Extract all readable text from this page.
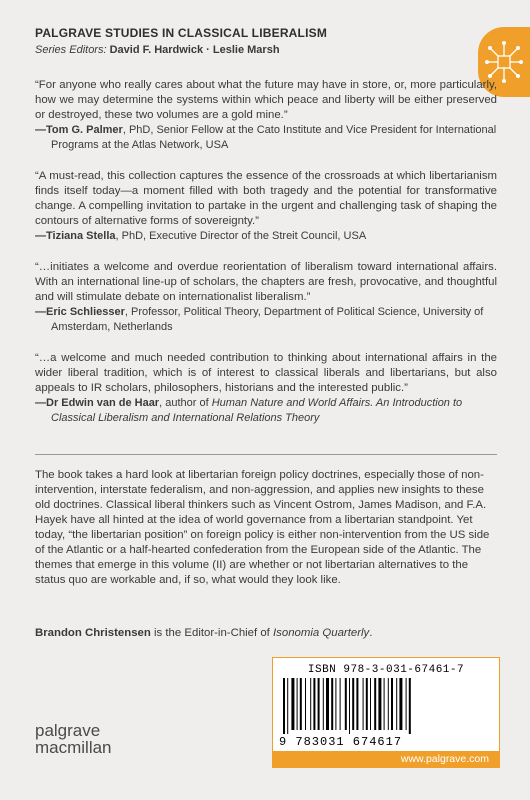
PALGRAVE STUDIES IN CLASSICAL LIBERALISM
Series Editors: David F. Hardwick · Leslie Marsh

“For anyone who really cares about what the future may have in store, or, more particularly, how we may determine the systems within which peace and liberty will be either preserved or destroyed, these two volumes are a gold mine.”

—Tom G. Palmer, PhD, Senior Fellow at the Cato Institute and Vice President for International Programs at the Atlas Network, USA

“A must-read, this collection captures the essence of the crossroads at which libertarianism finds itself today—a moment filled with both tragedy and the potential for transformative change. A compelling invitation to partake in the urgent and challenging task of shaping the contours of alternative forms of sovereignty.”

—Tiziana Stella, PhD, Executive Director of the Streit Council, USA

“…initiates a welcome and overdue reorientation of liberalism toward international affairs. With an international line-up of scholars, the chapters are fresh, provocative, and thoughtful and will stimulate debate on internationalist liberalism.”

—Eric Schliesser, Professor, Political Theory, Department of Political Science, University of Amsterdam, Netherlands

“…a welcome and much needed contribution to thinking about international affairs in the wider liberal tradition, which is of interest to classical liberals and libertarians, but also appeals to IR scholars, philosophers, historians and the interested public.”

—Dr Edwin van de Haar, author of Human Nature and World Affairs. An Introduction to Classical Liberalism and International Relations Theory

The book takes a hard look at libertarian foreign policy doctrines, especially those of non-intervention, interstate federalism, and non-aggression, and applies new insights to these old doctrines. Classical liberal thinkers such as Vincent Ostrom, James Madison, and F.A. Hayek have all hinted at the idea of world governance from a libertarian standpoint. Yet today, “the libertarian position” on foreign policy is either non-intervention from the US side of the Atlantic or a half-hearted confederation from the European side of the Atlantic. The themes that emerge in this volume (II) are whether or not libertarian alternatives to the status quo are workable and, if so, what would they look like.

Brandon Christensen is the Editor-in-Chief of Isonomia Quarterly.

palgrave
macmillan
ISBN 978-3-031-67461-7
9 783031 674617
www.palgrave.com
